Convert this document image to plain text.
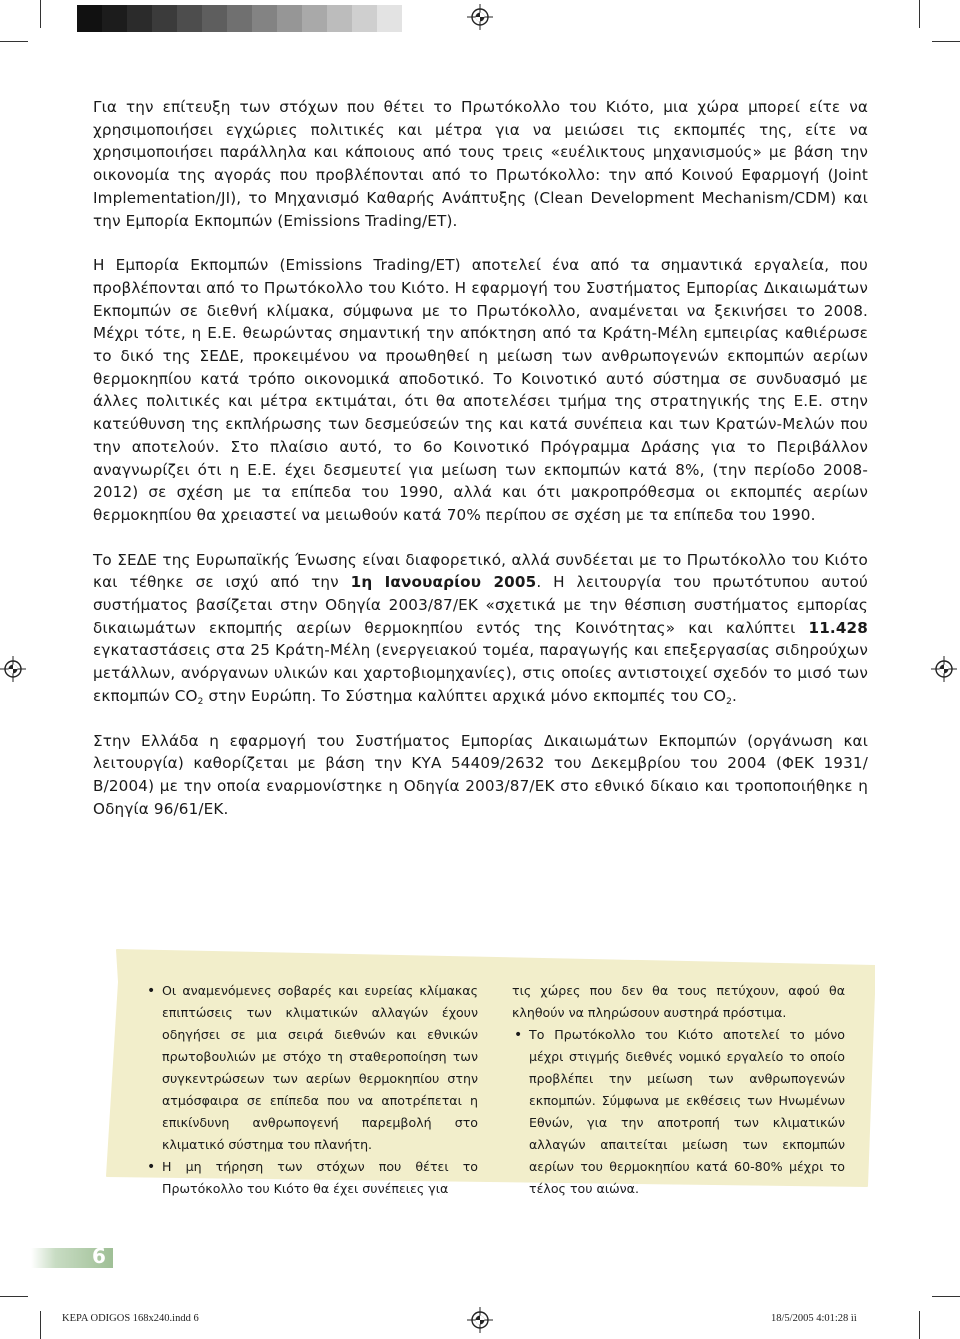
Για την επίτευξη των στόχων που θέτει το Πρωτόκολλο του Κιότο, μια χώρα μπορεί είτε να χρησιμοποιήσει εγχώριες πολιτικές και μέτρα για να μειώσει τις εκπομπές της, είτε να χρησιμοποιήσει παράλληλα και κάποιους από τους τρεις «ευέλικτους μηχανισμούς» με βάση την οικονομία της αγοράς που προβλέπονται από το Πρωτόκολλο: την από Κοινού Εφαρμογή (Joint Implementation/JI), το Μηχανισμό Καθαρής Ανάπτυξης (Clean Development Mechanism/CDM) και την Εμπορία Εκπομπών (Emissions Trading/ET).

Η Εμπορία Εκπομπών (Emissions Trading/ET) αποτελεί ένα από τα σημαντικά εργαλεία, που προβλέπονται από το Πρωτόκολλο του Κιότο. Η εφαρμογή του Συστήματος Εμπορίας Δικαιωμάτων Εκπομπών σε διεθνή κλίμακα, σύμφωνα με το Πρωτόκολλο, αναμένεται να ξεκινήσει το 2008. Μέχρι τότε, η Ε.Ε. θεωρώντας σημαντική την απόκτηση από τα Κράτη-Μέλη εμπειρίας καθιέρωσε το δικό της ΣΕΔΕ, προκειμένου να προωθηθεί η μείωση των ανθρωπογενών εκπομπών αερίων θερμοκηπίου κατά τρόπο οικονομικά αποδοτικό. Το Κοινοτικό αυτό σύστημα σε συνδυασμό με άλλες πολιτικές και μέτρα εκτιμάται, ότι θα αποτελέσει τμήμα της στρατηγικής της Ε.Ε. στην κατεύθυνση της εκπλήρωσης των δεσμεύσεών της και κατά συνέπεια και των Κρατών-Μελών που την αποτελούν. Στο πλαίσιο αυτό, το 6ο Κοινοτικό Πρόγραμμα Δράσης για το Περιβάλλον αναγνωρίζει ότι η Ε.Ε. έχει δεσμευτεί για μείωση των εκπομπών κατά 8%, (την περίοδο 2008-2012) σε σχέση με τα επίπεδα του 1990, αλλά και ότι μακροπρόθεσμα οι εκπομπές αερίων θερμοκηπίου θα χρειαστεί να μειωθούν κατά 70% περίπου σε σχέση με τα επίπεδα του 1990.

Το ΣΕΔΕ της Ευρωπαϊκής Ένωσης είναι διαφορετικό, αλλά συνδέεται με το Πρωτόκολλο του Κιότο και τέθηκε σε ισχύ από την 1η Ιανουαρίου 2005. Η λειτουργία του πρωτότυπου αυτού συστήματος βασίζεται στην Οδηγία 2003/87/ΕΚ «σχετικά με την θέσπιση συστήματος εμπορίας δικαιωμάτων εκπομπής αερίων θερμοκηπίου εντός της Κοινότητας» και καλύπτει 11.428 εγκαταστάσεις στα 25 Κράτη-Μέλη (ενεργειακού τομέα, παραγωγής και επεξεργασίας σιδηρούχων μετάλλων, ανόργανων υλικών και χαρτοβιομηχανίες), στις οποίες αντιστοιχεί σχεδόν το μισό των εκπομπών $CO_2$ στην Ευρώπη. Το Σύστημα καλύπτει αρχικά μόνο εκπομπές του $CO_2$.

Στην Ελλάδα η εφαρμογή του Συστήματος Εμπορίας Δικαιωμάτων Εκπομπών (οργάνωση και λειτουργία) καθορίζεται με βάση την ΚΥΑ 54409/2632 του Δεκεμβρίου του 2004 (ΦΕΚ 1931/Β/2004) με την οποία εναρμονίστηκε η Οδηγία 2003/87/ΕΚ στο εθνικό δίκαιο και τροποποιήθηκε η Οδηγία 96/61/ΕΚ.

• Οι αναμενόμενες σοβαρές και ευρείας κλίμακας επιπτώσεις των κλιματικών αλλαγών έχουν οδηγήσει σε μια σειρά διεθνών και εθνικών πρωτοβουλιών με στόχο τη σταθεροποίηση των συγκεντρώσεων των αερίων θερμοκηπίου στην ατμόσφαιρα σε επίπεδα που να αποτρέπεται η επικίνδυνη ανθρωπογενή παρεμβολή στο κλιματικό σύστημα του πλανήτη.
• Η μη τήρηση των στόχων που θέτει το Πρωτόκολλο του Κιότο θα έχει συνέπειες για
τις χώρες που δεν θα τους πετύχουν, αφού θα κληθούν να πληρώσουν αυστηρά πρόστιμα.
• Το Πρωτόκολλο του Κιότο αποτελεί το μόνο μέχρι στιγμής διεθνές νομικό εργαλείο το οποίο προβλέπει την μείωση των ανθρωπογενών εκπομπών. Σύμφωνα με εκθέσεις των Ηνωμένων Εθνών, για την αποτροπή των κλιματικών αλλαγών απαιτείται μείωση των εκπομπών αερίων του θερμοκηπίου κατά 60-80% μέχρι το τέλος του αιώνα.
6
KEPA ODIGOS 168x240.indd 6	18/5/2005 4:01:28 ìì
